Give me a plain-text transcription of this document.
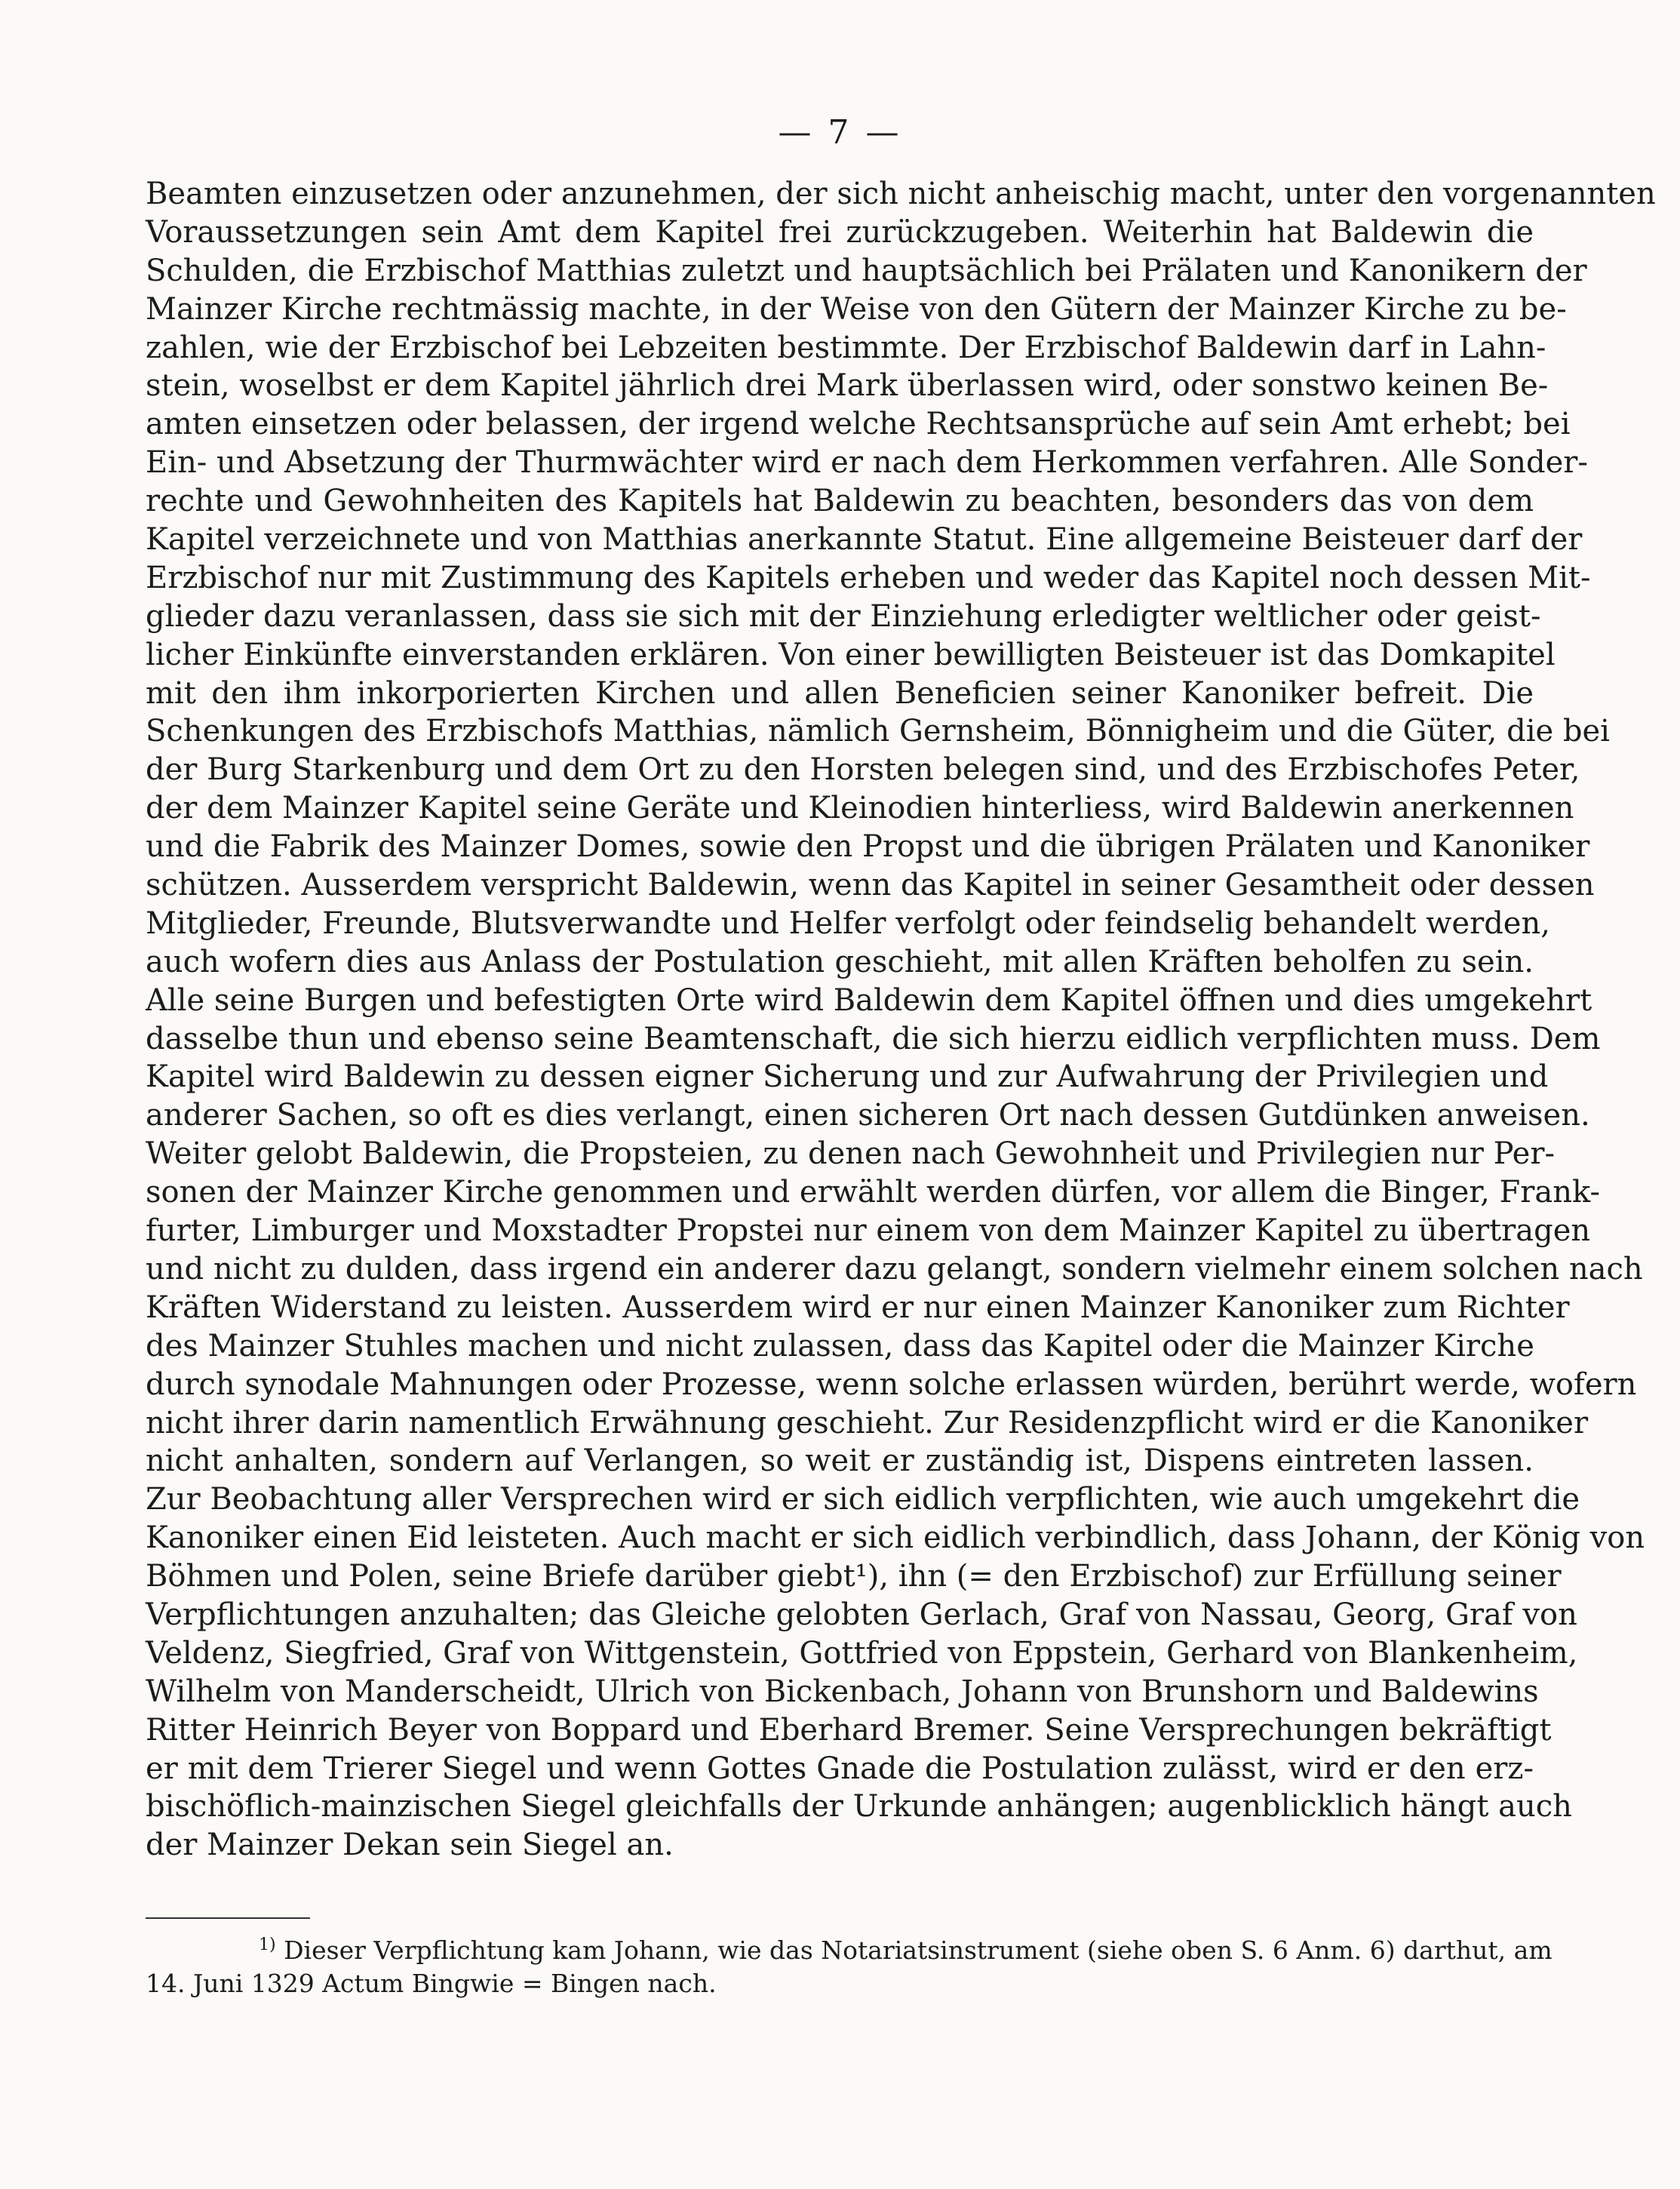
— 7 —
Beamten einzusetzen oder anzunehmen, der sich nicht anheischig macht, unter den vorgenannten
Voraussetzungen sein Amt dem Kapitel frei zurückzugeben. Weiterhin hat Baldewin die
Schulden, die Erzbischof Matthias zuletzt und hauptsächlich bei Prälaten und Kanonikern der
Mainzer Kirche rechtmässig machte, in der Weise von den Gütern der Mainzer Kirche zu be-
zahlen, wie der Erzbischof bei Lebzeiten bestimmte. Der Erzbischof Baldewin darf in Lahn-
stein, woselbst er dem Kapitel jährlich drei Mark überlassen wird, oder sonstwo keinen Be-
amten einsetzen oder belassen, der irgend welche Rechtsansprüche auf sein Amt erhebt; bei
Ein- und Absetzung der Thurmwächter wird er nach dem Herkommen verfahren. Alle Sonder-
rechte und Gewohnheiten des Kapitels hat Baldewin zu beachten, besonders das von dem
Kapitel verzeichnete und von Matthias anerkannte Statut. Eine allgemeine Beisteuer darf der
Erzbischof nur mit Zustimmung des Kapitels erheben und weder das Kapitel noch dessen Mit-
glieder dazu veranlassen, dass sie sich mit der Einziehung erledigter weltlicher oder geist-
licher Einkünfte einverstanden erklären. Von einer bewilligten Beisteuer ist das Domkapitel
mit den ihm inkorporierten Kirchen und allen Beneficien seiner Kanoniker befreit. Die
Schenkungen des Erzbischofs Matthias, nämlich Gernsheim, Bönnigheim und die Güter, die bei
der Burg Starkenburg und dem Ort zu den Horsten belegen sind, und des Erzbischofes Peter,
der dem Mainzer Kapitel seine Geräte und Kleinodien hinterliess, wird Baldewin anerkennen
und die Fabrik des Mainzer Domes, sowie den Propst und die übrigen Prälaten und Kanoniker
schützen. Ausserdem verspricht Baldewin, wenn das Kapitel in seiner Gesamtheit oder dessen
Mitglieder, Freunde, Blutsverwandte und Helfer verfolgt oder feindselig behandelt werden,
auch wofern dies aus Anlass der Postulation geschieht, mit allen Kräften beholfen zu sein.
Alle seine Burgen und befestigten Orte wird Baldewin dem Kapitel öffnen und dies umgekehrt
dasselbe thun und ebenso seine Beamtenschaft, die sich hierzu eidlich verpflichten muss. Dem
Kapitel wird Baldewin zu dessen eigner Sicherung und zur Aufwahrung der Privilegien und
anderer Sachen, so oft es dies verlangt, einen sicheren Ort nach dessen Gutdünken anweisen.
Weiter gelobt Baldewin, die Propsteien, zu denen nach Gewohnheit und Privilegien nur Per-
sonen der Mainzer Kirche genommen und erwählt werden dürfen, vor allem die Binger, Frank-
furter, Limburger und Moxstadter Propstei nur einem von dem Mainzer Kapitel zu übertragen
und nicht zu dulden, dass irgend ein anderer dazu gelangt, sondern vielmehr einem solchen nach
Kräften Widerstand zu leisten. Ausserdem wird er nur einen Mainzer Kanoniker zum Richter
des Mainzer Stuhles machen und nicht zulassen, dass das Kapitel oder die Mainzer Kirche
durch synodale Mahnungen oder Prozesse, wenn solche erlassen würden, berührt werde, wofern
nicht ihrer darin namentlich Erwähnung geschieht. Zur Residenzpflicht wird er die Kanoniker
nicht anhalten, sondern auf Verlangen, so weit er zuständig ist, Dispens eintreten lassen.
Zur Beobachtung aller Versprechen wird er sich eidlich verpflichten, wie auch umgekehrt die
Kanoniker einen Eid leisteten. Auch macht er sich eidlich verbindlich, dass Johann, der König von
Böhmen und Polen, seine Briefe darüber giebt¹), ihn (= den Erzbischof) zur Erfüllung seiner
Verpflichtungen anzuhalten; das Gleiche gelobten Gerlach, Graf von Nassau, Georg, Graf von
Veldenz, Siegfried, Graf von Wittgenstein, Gottfried von Eppstein, Gerhard von Blankenheim,
Wilhelm von Manderscheidt, Ulrich von Bickenbach, Johann von Brunshorn und Baldewins
Ritter Heinrich Beyer von Boppard und Eberhard Bremer. Seine Versprechungen bekräftigt
er mit dem Trierer Siegel und wenn Gottes Gnade die Postulation zulässt, wird er den erz-
bischöflich-mainzischen Siegel gleichfalls der Urkunde anhängen; augenblicklich hängt auch
der Mainzer Dekan sein Siegel an.
$^{1)}$ Dieser Verpflichtung kam Johann, wie das Notariatsinstrument (siehe oben S. 6 Anm. 6) darthut, am
14. Juni 1329 Actum Bingwie = Bingen nach.
